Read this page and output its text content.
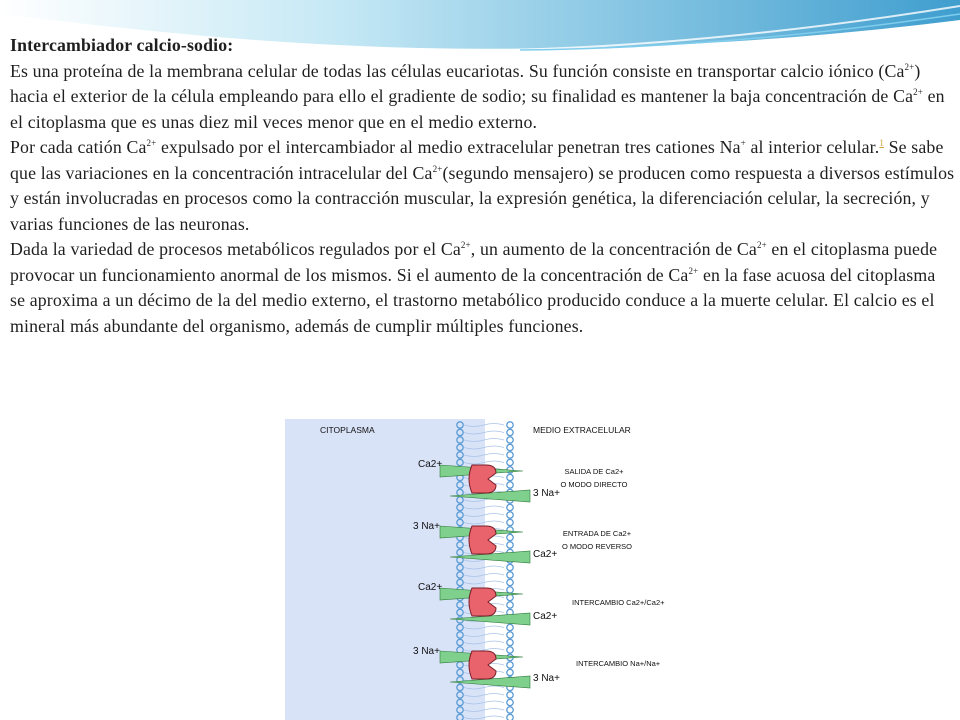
Intercambiador calcio-sodio:
Es una proteína de la membrana celular de todas las células eucariotas. Su función consiste en transportar calcio iónico $(Ca^{2+})$ hacia el exterior de la célula empleando para ello el gradiente de sodio; su finalidad es mantener la baja concentración de $Ca^{2+}$ en el citoplasma que es unas diez mil veces menor que en el medio externo.
Por cada catión $Ca^{2+}$ expulsado por el intercambiador al medio extracelular penetran tres cationes Na+ al interior celular.$^1$ Se sabe que las variaciones en la concentración intracelular del $Ca^{2+}(segundo$ mensajero) se producen como respuesta a diversos estímulos y están involucradas en procesos como la contracción muscular, la expresión genética, la diferenciación celular, la secreción, y varias funciones de las neuronas.
Dada la variedad de procesos metabólicos regulados por el $Ca^{2+}$, un aumento de la concentración de $Ca^{2+}$ en el citoplasma puede provocar un funcionamiento anormal de los mismos. Si el aumento de la concentración de $Ca^{2+}$ en la fase acuosa del citoplasma se aproxima a un décimo de la del medio externo, el trastorno metabólico producido conduce a la muerte celular. El calcio es el mineral más abundante del organismo, además de cumplir múltiples funciones.
CITOPLASMA	MEDIO EXTRACELULAR
Ca2+
3 Na+
SALIDA DE Ca2+
O MODO DIRECTO
3 Na+
Ca2+
ENTRADA DE Ca2+
O MODO REVERSO
Ca2+
Ca2+
INTERCAMBIO Ca2+/Ca2+
3 Na+
3 Na+
INTERCAMBIO Na+/Na+
